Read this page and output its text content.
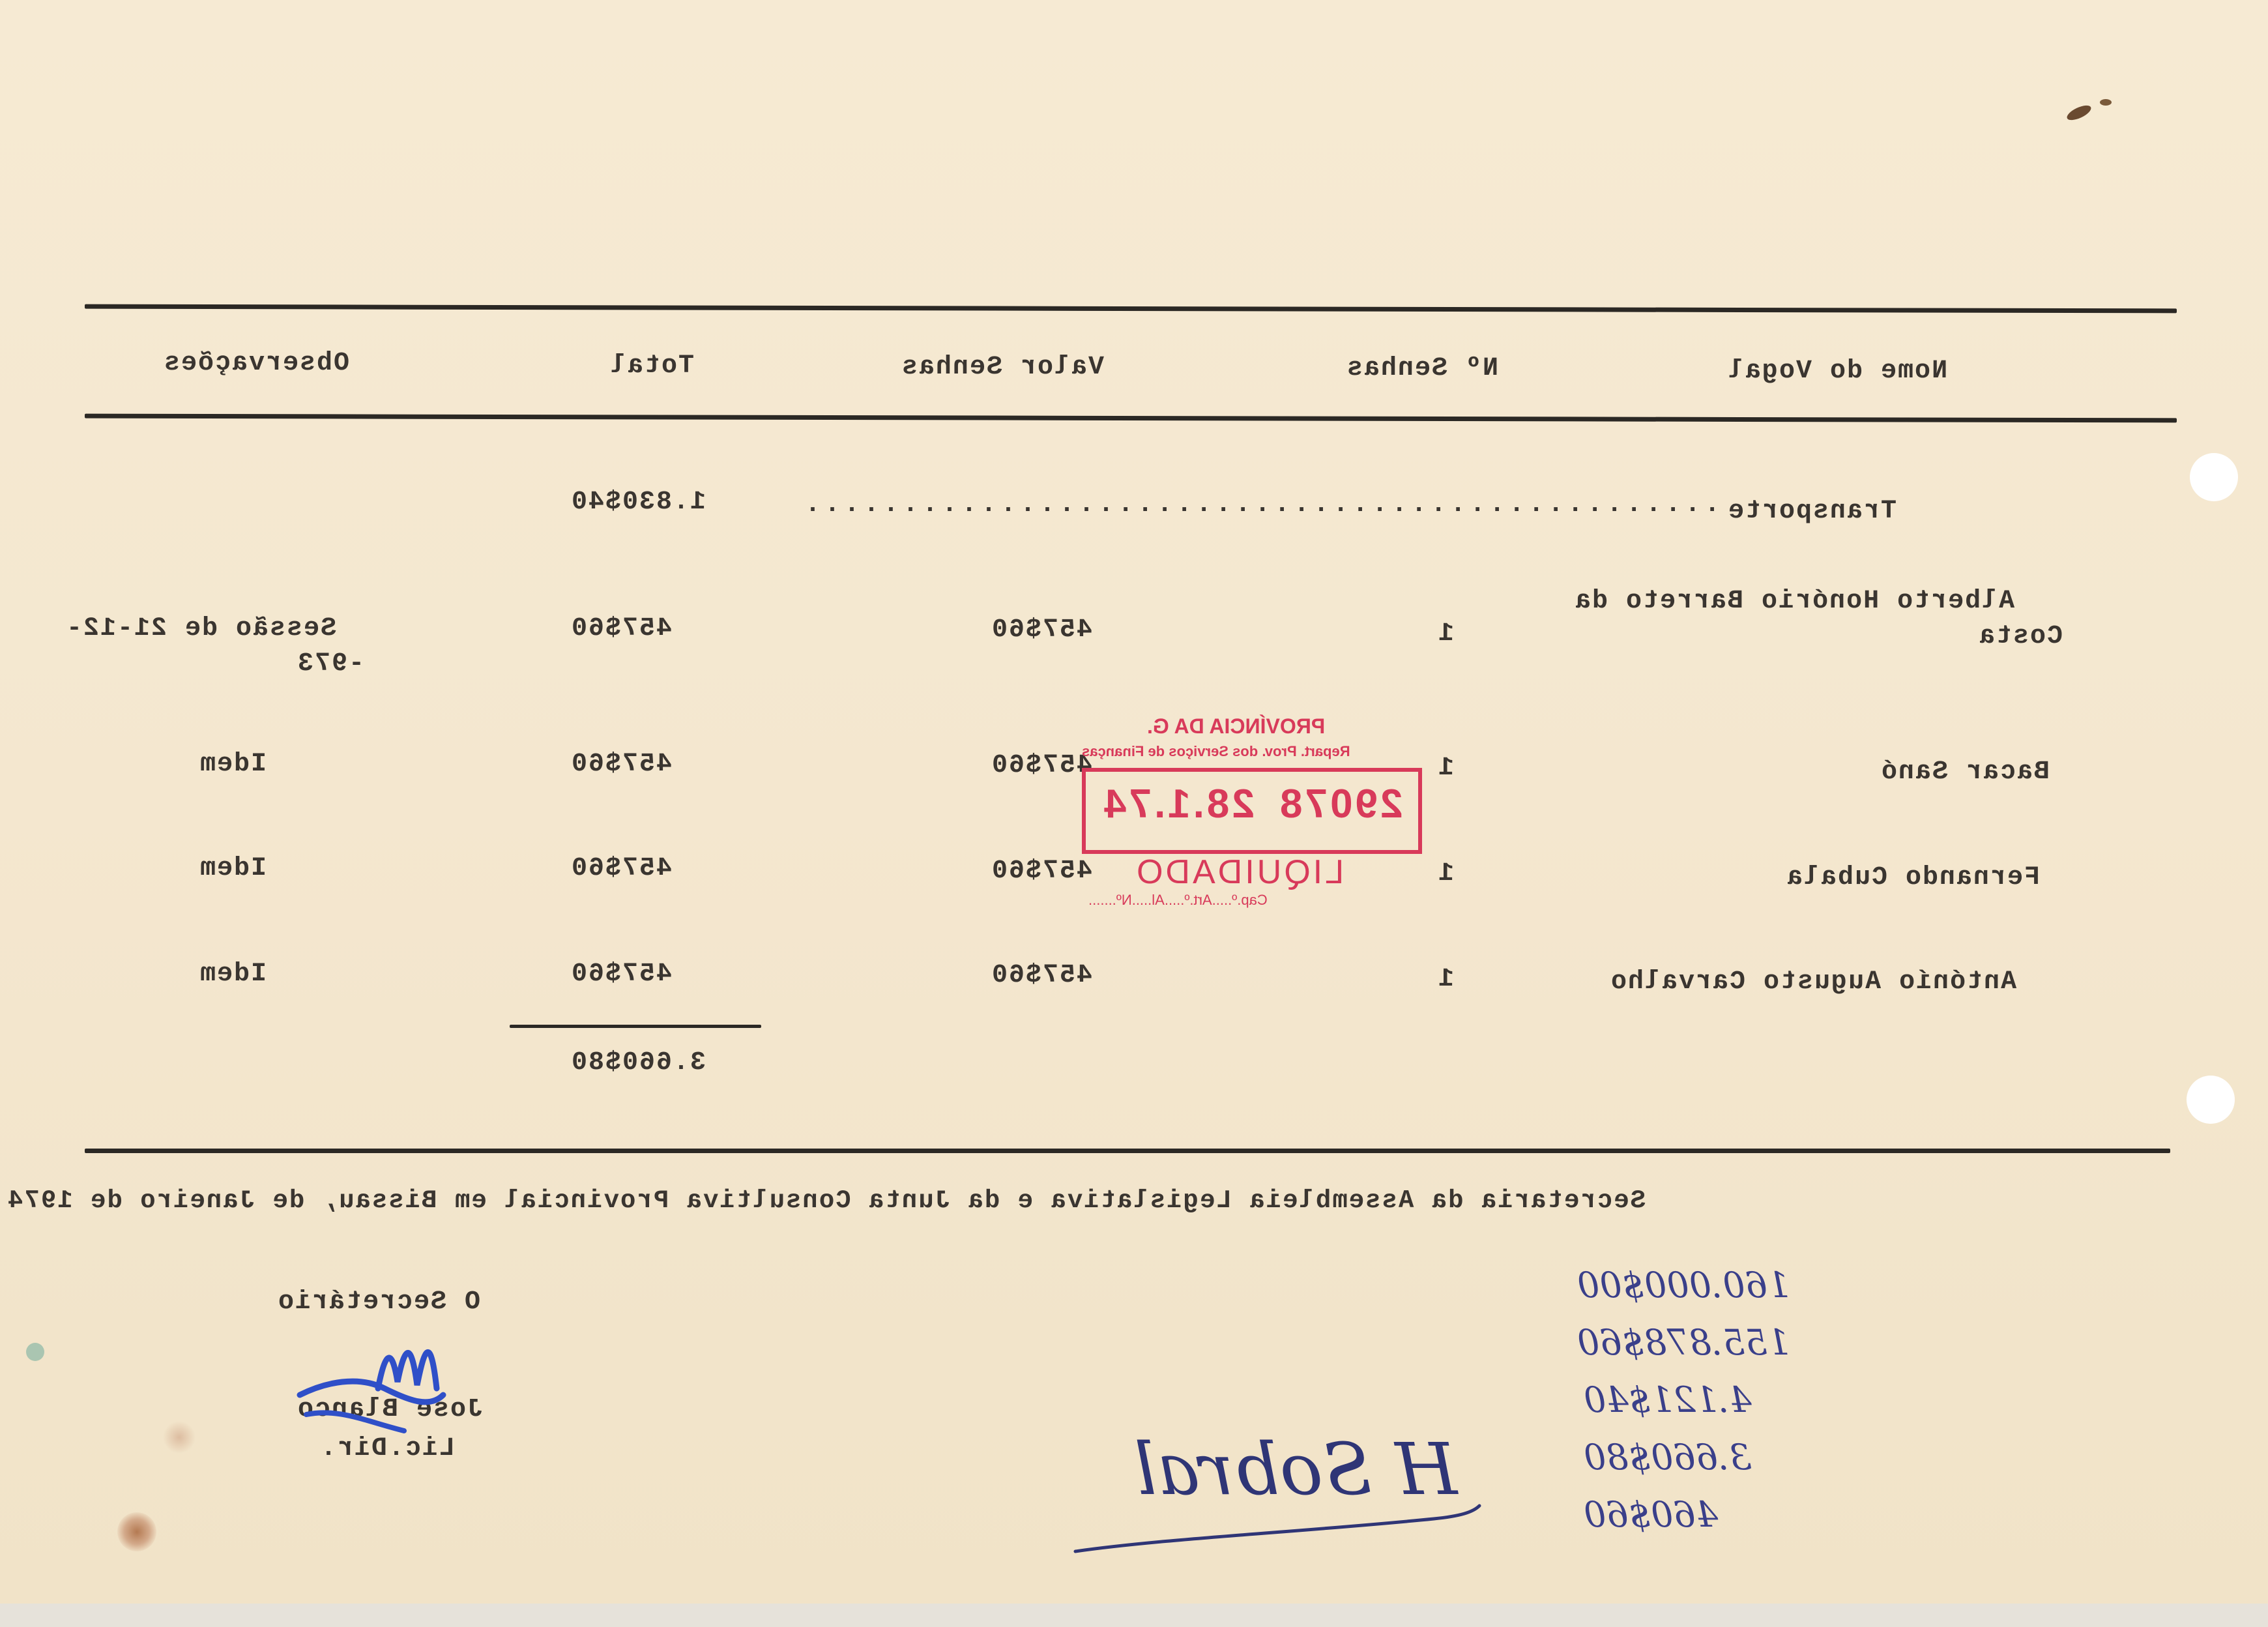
Nome do Vogal
Nº Senhas
Valor Senhas
Total
Observações
Transporte
...............................................
1.830$40
Alberto Honório Barreto da
Costa
1
457$60
457$60
Sessão de 21-12-
-973
Bacar Sanó
1
457$60
457$60
Idem
Fernando Cubala
1
457$60
457$60
Idem
Antónío Augusto Carvalho
1
457$60
457$60
Idem
3.660$80
Secretaria da Assembleia Legislativa e da Junta Consultiva Provincial em Bissau, de Janeiro de 1974
O Secretário
Jose Blanco
Lic.Dir.
PROVÍNCIA DA G.
Repart. Prov. dos Serviços de Finanças
28.1.74 29078
LIQUIDADO
Cap.º.....Art.º.....Al.....Nº.......
160.000$00
155.878$60
4.121$40
3.660$80
460$60
H Sobral
